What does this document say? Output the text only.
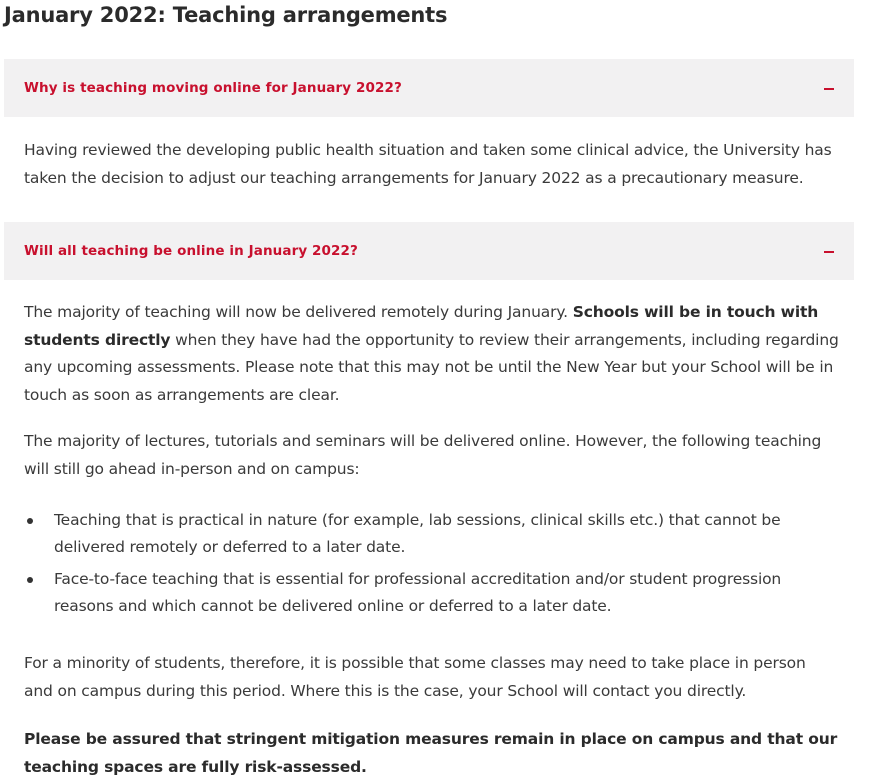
January 2022: Teaching arrangements
Why is teaching moving online for January 2022?

Having reviewed the developing public health situation and taken some clinical advice, the University has taken the decision to adjust our teaching arrangements for January 2022 as a precautionary measure.

Will all teaching be online in January 2022?

The majority of teaching will now be delivered remotely during January. Schools will be in touch with students directly when they have had the opportunity to review their arrangements, including regarding any upcoming assessments. Please note that this may not be until the New Year but your School will be in touch as soon as arrangements are clear.

The majority of lectures, tutorials and seminars will be delivered online. However, the following teaching will still go ahead in-person and on campus:

Teaching that is practical in nature (for example, lab sessions, clinical skills etc.) that cannot be delivered remotely or deferred to a later date.
Face-to-face teaching that is essential for professional accreditation and/or student progression reasons and which cannot be delivered online or deferred to a later date.

For a minority of students, therefore, it is possible that some classes may need to take place in person and on campus during this period. Where this is the case, your School will contact you directly.

Please be assured that stringent mitigation measures remain in place on campus and that our teaching spaces are fully risk-assessed.
